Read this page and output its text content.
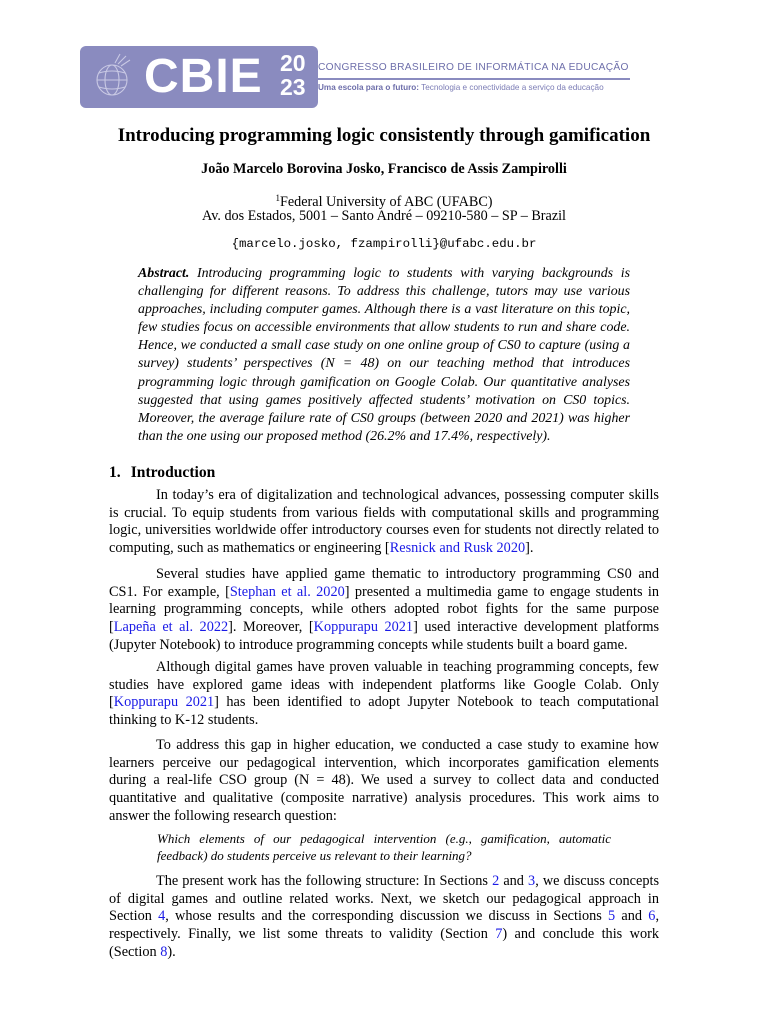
CBIE 20
23
CONGRESSO BRASILEIRO DE INFORMÁTICA NA EDUCAÇÃO
Uma escola para o futuro: Tecnologia e conectividade a serviço da educação
Introducing programming logic consistently through gamification
João Marcelo Borovina Josko, Francisco de Assis Zampirolli
$^1$Federal University of ABC (UFABC)
Av. dos Estados, 5001 – Santo André – 09210-580 – SP – Brazil
{marcelo.josko, fzampirolli}@ufabc.edu.br
Abstract. Introducing programming logic to students with varying backgrounds is challenging for different reasons. To address this challenge, tutors may use various approaches, including computer games. Although there is a vast literature on this topic, few studies focus on accessible environments that allow students to run and share code. Hence, we conducted a small case study on one online group of CS0 to capture (using a survey) students’ perspectives (N = 48) on our teaching method that introduces programming logic through gamification on Google Colab. Our quantitative analyses suggested that using games positively affected students’ motivation on CS0 topics. Moreover, the average failure rate of CS0 groups (between 2020 and 2021) was higher than the one using our proposed method (26.2% and 17.4%, respectively).
1. Introduction
In today’s era of digitalization and technological advances, possessing computer skills is crucial. To equip students from various fields with computational skills and programming logic, universities worldwide offer introductory courses even for students not directly related to computing, such as mathematics or engineering [Resnick and Rusk 2020].
Several studies have applied game thematic to introductory programming CS0 and CS1. For example, [Stephan et al. 2020] presented a multimedia game to engage students in learning programming concepts, while others adopted robot fights for the same purpose [Lapeña et al. 2022]. Moreover, [Koppurapu 2021] used interactive development platforms (Jupyter Notebook) to introduce programming concepts while students built a board game.
Although digital games have proven valuable in teaching programming concepts, few studies have explored game ideas with independent platforms like Google Colab. Only [Koppurapu 2021] has been identified to adopt Jupyter Notebook to teach computational thinking to K-12 students.
To address this gap in higher education, we conducted a case study to examine how learners perceive our pedagogical intervention, which incorporates gamification elements during a real-life CSO group (N = 48). We used a survey to collect data and conducted quantitative and qualitative (composite narrative) analysis procedures. This work aims to answer the following research question:
Which elements of our pedagogical intervention (e.g., gamification, automatic feedback) do students perceive us relevant to their learning?
The present work has the following structure: In Sections 2 and 3, we discuss concepts of digital games and outline related works. Next, we sketch our pedagogical approach in Section 4, whose results and the corresponding discussion we discuss in Sections 5 and 6, respectively. Finally, we list some threats to validity (Section 7) and conclude this work (Section 8).
